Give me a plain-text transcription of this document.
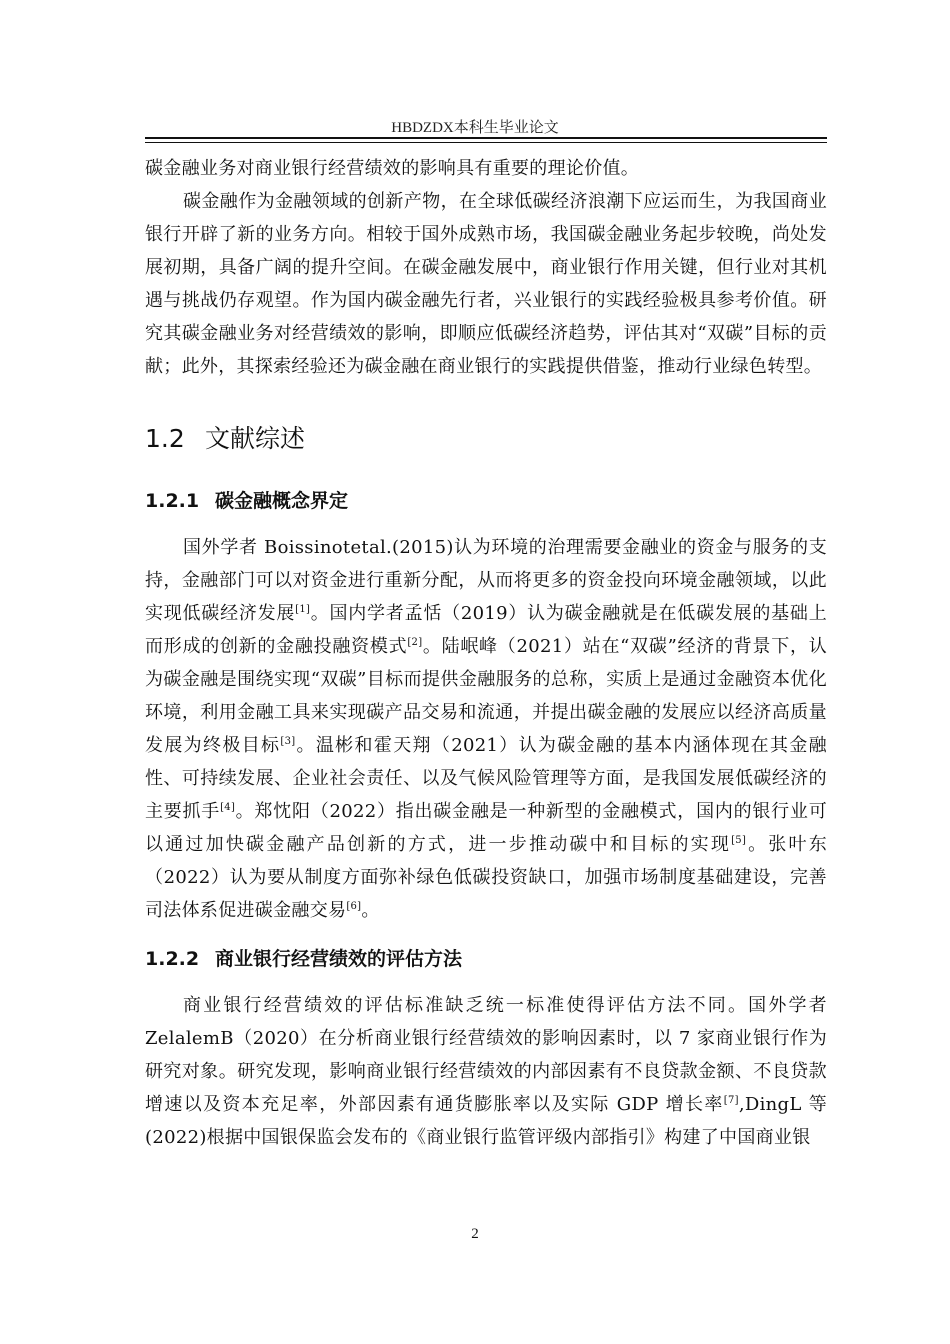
HBDZDX本科生毕业论文

碳金融业务对商业银行经营绩效的影响具有重要的理论价值。

碳金融作为金融领域的创新产物，在全球低碳经济浪潮下应运而生，为我国商业银行开辟了新的业务方向。相较于国外成熟市场，我国碳金融业务起步较晚，尚处发展初期，具备广阔的提升空间。在碳金融发展中，商业银行作用关键，但行业对其机遇与挑战仍存观望。作为国内碳金融先行者，兴业银行的实践经验极具参考价值。研究其碳金融业务对经营绩效的影响，即顺应低碳经济趋势，评估其对“双碳”目标的贡献；此外，其探索经验还为碳金融在商业银行的实践提供借鉴，推动行业绿色转型。

1.2 文献综述
1.2.1 碳金融概念界定

国外学者 Boissinotetal.(2015)认为环境的治理需要金融业的资金与服务的支持，金融部门可以对资金进行重新分配，从而将更多的资金投向环境金融领域，以此实现低碳经济发展[1]。国内学者孟恬（2019）认为碳金融就是在低碳发展的基础上而形成的创新的金融投融资模式[2]。陆岷峰（2021）站在“双碳”经济的背景下，认为碳金融是围绕实现“双碳”目标而提供金融服务的总称，实质上是通过金融资本优化环境，利用金融工具来实现碳产品交易和流通，并提出碳金融的发展应以经济高质量发展为终极目标[3]。温彬和霍天翔（2021）认为碳金融的基本内涵体现在其金融性、可持续发展、企业社会责任、以及气候风险管理等方面，是我国发展低碳经济的主要抓手[4]。郑忱阳（2022）指出碳金融是一种新型的金融模式，国内的银行业可以通过加快碳金融产品创新的方式，进一步推动碳中和目标的实现[5]。张叶东（2022）认为要从制度方面弥补绿色低碳投资缺口，加强市场制度基础建设，完善司法体系促进碳金融交易[6]。

1.2.2 商业银行经营绩效的评估方法

商业银行经营绩效的评估标准缺乏统一标准使得评估方法不同。国外学者ZelalemB（2020）在分析商业银行经营绩效的影响因素时，以 7 家商业银行作为研究对象。研究发现，影响商业银行经营绩效的内部因素有不良贷款金额、不良贷款增速以及资本充足率，外部因素有通货膨胀率以及实际 GDP 增长率[7],DingL 等(2022)根据中国银保监会发布的《商业银行监管评级内部指引》构建了中国商业银

2
